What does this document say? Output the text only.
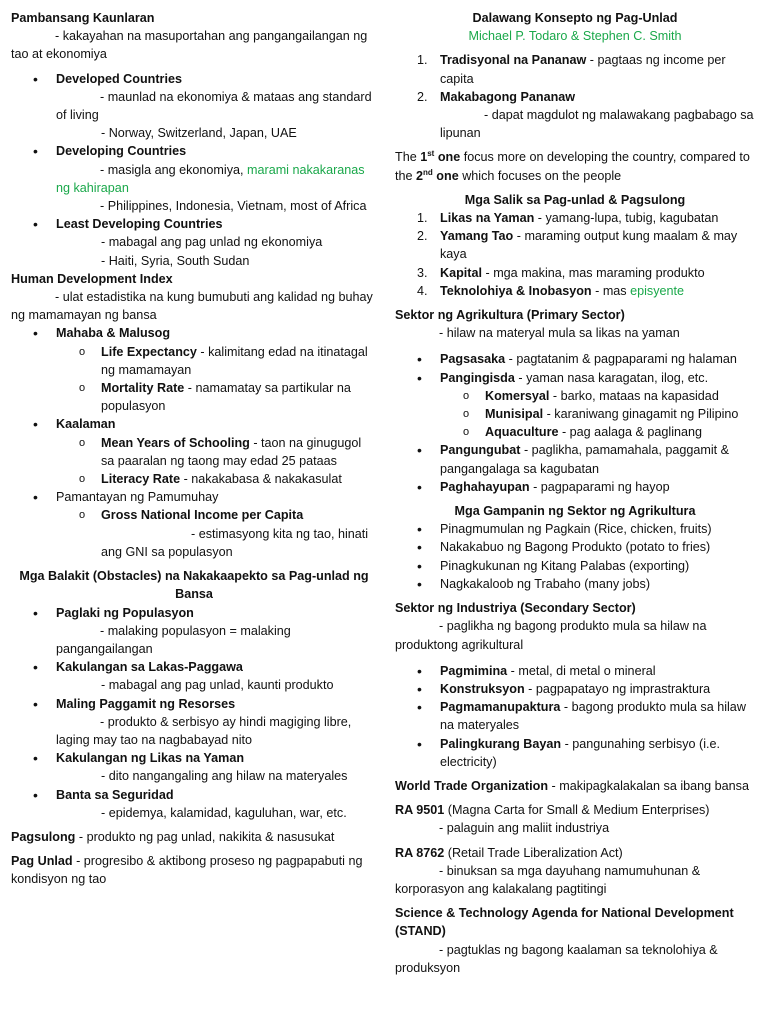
Pambansang Kaunlaran
- kakayahan na masuportahan ang pangangailangan ng tao at ekonomiya
• Developed Countries
- maunlad na ekonomiya & mataas ang standard of living
- Norway, Switzerland, Japan, UAE
• Developing Countries
- masigla ang ekonomiya, marami nakakaranas ng kahirapan
- Philippines, Indonesia, Vietnam, most of Africa
• Least Developing Countries
- mabagal ang pag unlad ng ekonomiya
- Haiti, Syria, South Sudan
Human Development Index
- ulat estadistika na kung bumubuti ang kalidad ng buhay ng mamamayan ng bansa
• Mahaba & Malusog
o Life Expectancy - kalimitang edad na itinatagal ng mamamayan
o Mortality Rate - namamatay sa partikular na populasyon
• Kaalaman
o Mean Years of Schooling - taon na ginugugol sa paaralan ng taong may edad 25 pataas
o Literacy Rate - nakakabasa & nakakasulat
• Pamantayan ng Pamumuhay
o Gross National Income per Capita
- estimasyong kita ng tao, hinati ang GNI sa populasyon
Mga Balakit (Obstacles) na Nakakaapekto sa Pag-unlad ng Bansa
• Paglaki ng Populasyon
- malaking populasyon = malaking pangangailangan
• Kakulangan sa Lakas-Paggawa
- mabagal ang pag unlad, kaunti produkto
• Maling Paggamit ng Resorses
- produkto & serbisyo ay hindi magiging libre, laging may tao na nagbabayad nito
• Kakulangan ng Likas na Yaman
- dito nangangaling ang hilaw na materyales
• Banta sa Seguridad
- epidemya, kalamidad, kaguluhan, war, etc.
Pagsulong - produkto ng pag unlad, nakikita & nasusukat
Pag Unlad - progresibo & aktibong proseso ng pagpapabuti ng kondisyon ng tao
Dalawang Konsepto ng Pag-Unlad
Michael P. Todaro & Stephen C. Smith
1. Tradisyonal na Pananaw - pagtaas ng income per capita
2. Makabagong Pananaw
- dapat magdulot ng malawakang pagbabago sa lipunan
The 1st one focus more on developing the country, compared to the 2nd one which focuses on the people
Mga Salik sa Pag-unlad & Pagsulong
1. Likas na Yaman - yamang-lupa, tubig, kagubatan
2. Yamang Tao - maraming output kung maalam & may kaya
3. Kapital - mga makina, mas maraming produkto
4. Teknolohiya & Inobasyon - mas episyente
Sektor ng Agrikultura (Primary Sector)
- hilaw na materyal mula sa likas na yaman
• Pagsasaka - pagtatanim & pagpaparami ng halaman
• Pangingisda - yaman nasa karagatan, ilog, etc.
o Komersyal - barko, mataas na kapasidad
o Munisipal - karaniwang ginagamit ng Pilipino
o Aquaculture - pag aalaga & paglinang
• Pangungubat - paglikha, pamamahala, paggamit & pangangalaga sa kagubatan
• Paghahayupan - pagpaparami ng hayop
Mga Gampanin ng Sektor ng Agrikultura
• Pinagmumulan ng Pagkain (Rice, chicken, fruits)
• Nakakabuo ng Bagong Produkto (potato to fries)
• Pinagkukunan ng Kitang Palabas (exporting)
• Nagkakaloob ng Trabaho (many jobs)
Sektor ng Industriya (Secondary Sector)
- paglikha ng bagong produkto mula sa hilaw na produktong agrikultural
• Pagmimina - metal, di metal o mineral
• Konstruksyon - pagpapatayo ng imprastraktura
• Pagmamanupaktura - bagong produkto mula sa hilaw na materyales
• Palingkurang Bayan - pangunahing serbisyo (i.e. electricity)
World Trade Organization - makipagkalakalan sa ibang bansa
RA 9501 (Magna Carta for Small & Medium Enterprises)
- palaguin ang maliit industriya
RA 8762 (Retail Trade Liberalization Act)
- binuksan sa mga dayuhang namumuhunan & korporasyon ang kalakalang pagtitingi
Science & Technology Agenda for National Development (STAND)
- pagtuklas ng bagong kaalaman sa teknolohiya & produksyon
